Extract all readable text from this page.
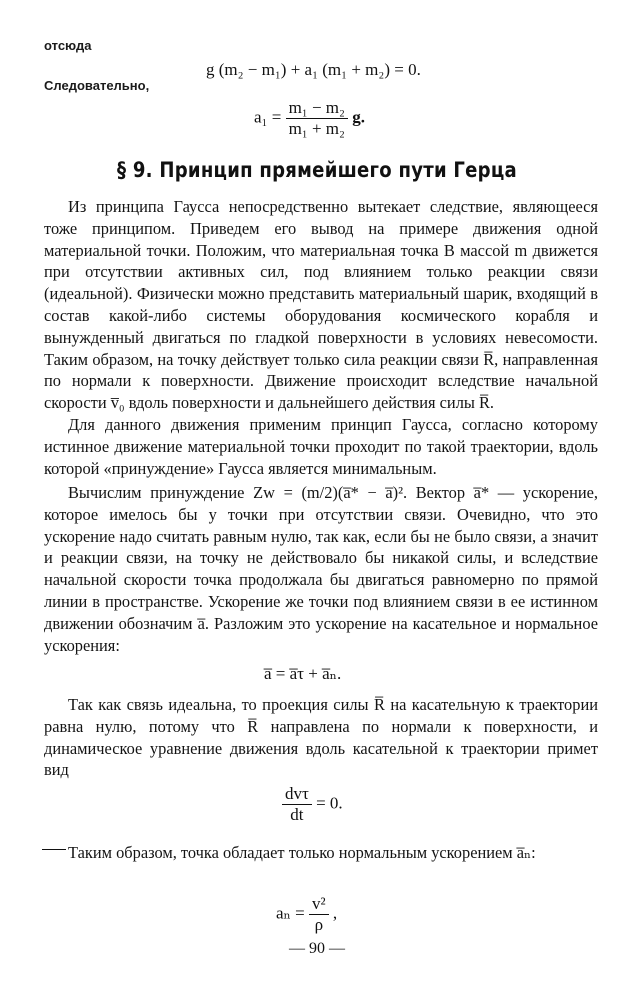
отсюда
g (m₂ − m₁) + a₁ (m₁ + m₂) = 0.
Следовательно,
$a_1 = \frac{\text{m₁ − m₂}}{\text{m₁ + m₂}} g$.
§ 9. Принцип прямейшего пути Герца

Из принципа Гаусса непосредственно вытекает следствие, являющееся тоже принципом. Приведем его вывод на примере движения одной материальной точки. Положим, что материальная точка B массой m движется при отсутствии активных сил, под влиянием только реакции связи (идеальной). Физически можно представить материальный шарик, входящий в состав какой-либо системы оборудования космического корабля и вынужденный двигаться по гладкой поверхности в условиях невесомости. Таким образом, на точку действует только сила реакции связи R̅, направленная по нормали к поверхности. Движение происходит вследствие начальной скорости v̅₀ вдоль поверхности и дальнейшего действия силы R̅.

Для данного движения применим принцип Гаусса, согласно которому истинное движение материальной точки проходит по такой траектории, вдоль которой «принуждение» Гаусса является минимальным.

Вычислим принуждение Zw = (m/2)(a̅* − a̅)². Вектор a̅* — ускорение, которое имелось бы у точки при отсутствии связи. Очевидно, что это ускорение надо считать равным нулю, так как, если бы не было связи, а значит и реакции связи, на точку не действовало бы никакой силы, и вследствие начальной скорости точка продолжала бы двигаться равномерно по прямой линии в пространстве. Ускорение же точки под влиянием связи в ее истинном движении обозначим a̅. Разложим это ускорение на касательное и нормальное ускорения:

a̅ = a̅τ + a̅ₙ.

Так как связь идеальна, то проекция силы R̅ на касательную к траектории равна нулю, потому что R̅ направлена по нормали к поверхности, и динамическое уравнение движения вдоль касательной к траектории примет вид

$\frac{\text{dvτ}}{dt} = 0$.

Таким образом, точка обладает только нормальным ускорением a̅ₙ:

$a_n = \frac{\text{v²}}{\rho}$ ,
— 90 —
